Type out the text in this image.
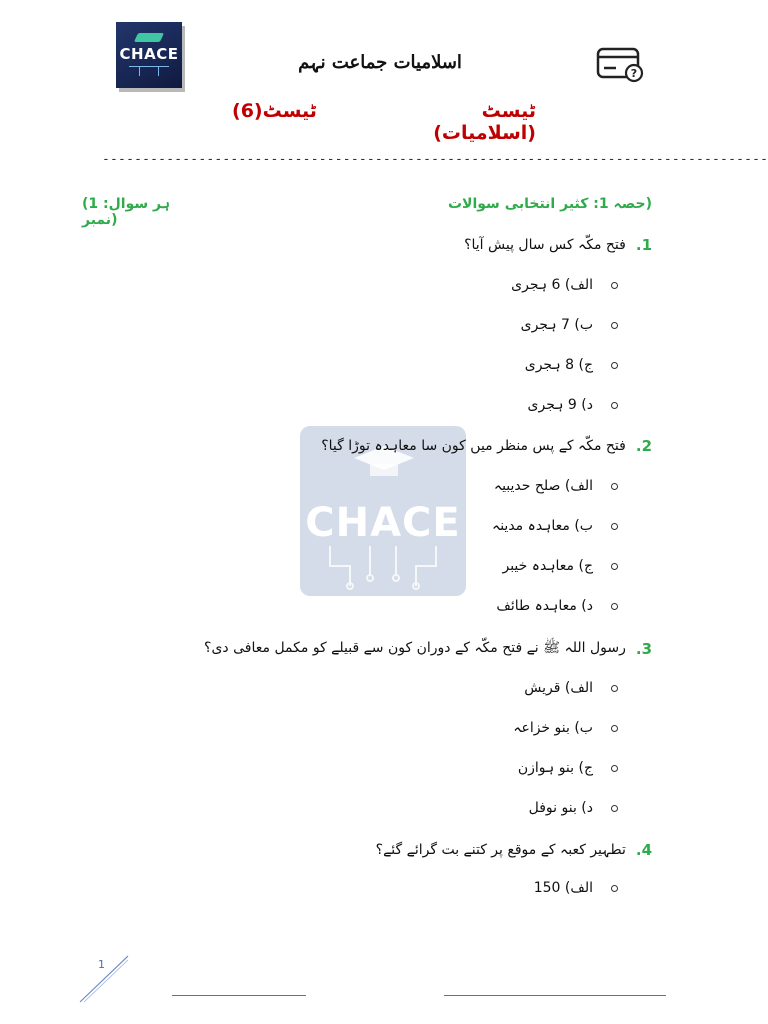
CHACE	اسلامیات جماعت نہم
?
ٹیسٹ (اسلامیات)
ٹیسٹ(6)
-----------------------------------------------------------------------------------
حصہ 1: کثیر انتخابی سوالات)
(ہر سوال: 1 نمبر)
CHACE
1.
فتح مکّہ کس سال پیش آیا؟
الف) 6 ہجری
ب) 7 ہجری
ج) 8 ہجری
د) 9 ہجری
2.
فتح مکّہ کے پس منظر میں کون سا معاہدہ توڑا گیا؟
الف) صلح حدیبیہ
ب) معاہدہ مدینہ
ج) معاہدہ خیبر
د) معاہدہ طائف
3.
رسول اللہ ﷺ نے فتح مکّہ کے دوران کون سے قبیلے کو مکمل معافی دی؟
الف) قریش
ب) بنو خزاعہ
ج) بنو ہوازن
د) بنو نوفل
4.
تطہیر کعبہ کے موقع پر کتنے بت گرائے گئے؟
الف) 150
1
